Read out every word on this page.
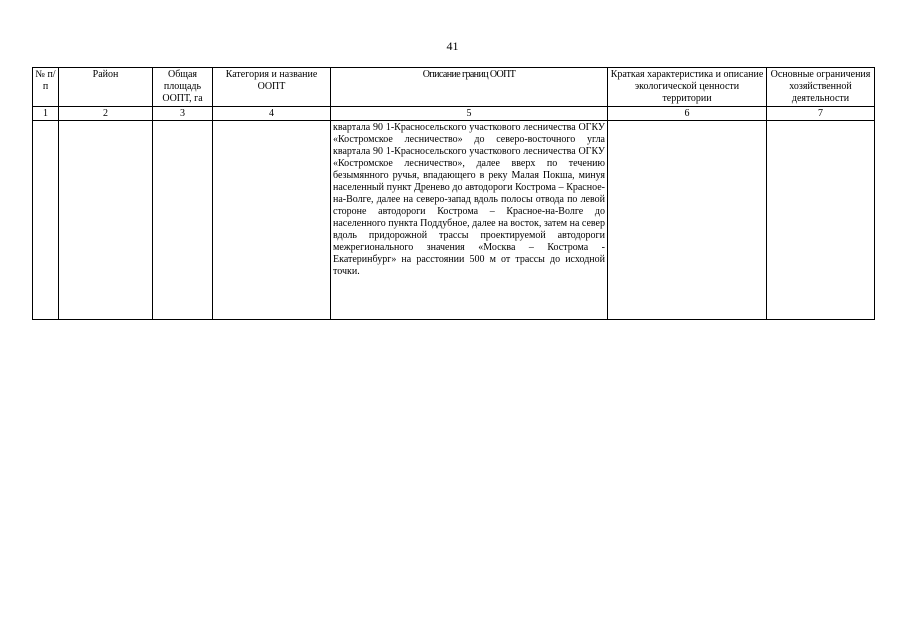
41
№ п/п	Район	Общая площадь ООПТ, га	Категория и название ООПТ	Описание границ ООПТ	Краткая характеристика и описание экологической ценности территории	Основные ограничения хозяйственной деятельности
1	2	3	4	5	6	7
				квартала 90 1-Красносельского участкового лесничества ОГКУ «Костромское лесничество» до северо-восточного угла квартала 90 1-Красносельского участкового лесничества ОГКУ «Костромское лесничество», далее вверх по течению безымянного ручья, впадающего в реку Малая Покша, минуя населенный пункт Дренево до автодороги Кострома – Красное-на-Волге, далее на северо-запад вдоль полосы отвода по левой стороне автодороги Кострома – Красное-на-Волге до населенного пункта Поддубное, далее на восток, затем на север вдоль придорожной трассы проектируемой автодороги межрегионального значения «Москва – Кострома - Екатеринбург» на расстоянии 500 м от трассы до исходной точки.		
